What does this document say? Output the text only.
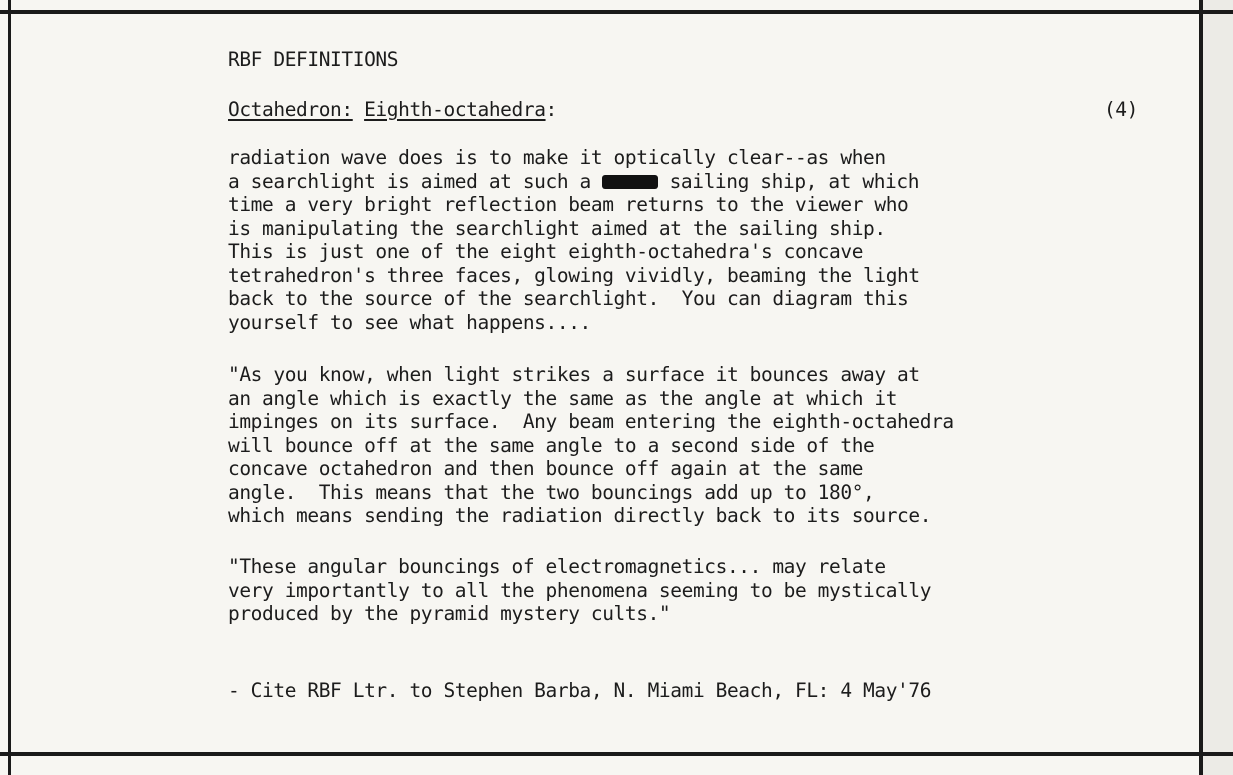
RBF DEFINITIONS
Octahedron: Eighth-octahedra:	(4)
radiation wave does is to make it optically clear--as when
a searchlight is aimed at such a	sailing ship, at which
time a very bright reflection beam returns to the viewer who
is manipulating the searchlight aimed at the sailing ship.
This is just one of the eight eighth-octahedra's concave
tetrahedron's three faces, glowing vividly, beaming the light
back to the source of the searchlight.  You can diagram this
yourself to see what happens....
"As you know, when light strikes a surface it bounces away at
an angle which is exactly the same as the angle at which it
impinges on its surface.  Any beam entering the eighth-octahedra
will bounce off at the same angle to a second side of the
concave octahedron and then bounce off again at the same
angle.  This means that the two bouncings add up to 180°,
which means sending the radiation directly back to its source.
"These angular bouncings of electromagnetics... may relate
very importantly to all the phenomena seeming to be mystically
produced by the pyramid mystery cults."
- Cite RBF Ltr. to Stephen Barba, N. Miami Beach, FL: 4 May'76
